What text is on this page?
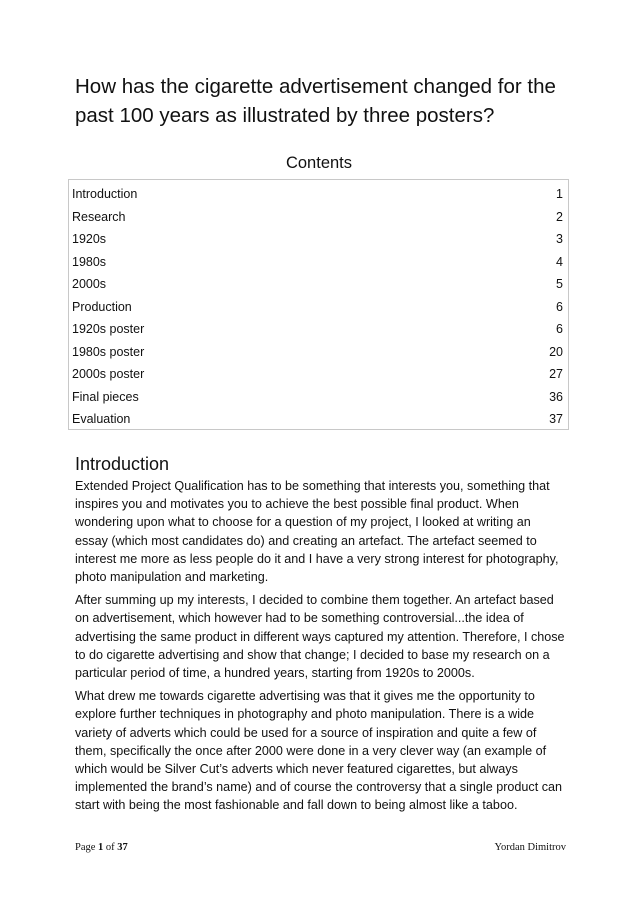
How has the cigarette advertisement changed for the past 100 years as illustrated by three posters?
Contents
Introduction	1
Research	2
1920s	3
1980s	4
2000s	5
Production	6
1920s poster	6
1980s poster	20
2000s poster	27
Final pieces	36
Evaluation	37
Introduction

Extended Project Qualification has to be something that interests you, something that inspires you and motivates you to achieve the best possible final product. When wondering upon what to choose for a question of my project, I looked at writing an essay (which most candidates do) and creating an artefact. The artefact seemed to interest me more as less people do it and I have a very strong interest for photography, photo manipulation and marketing.

After summing up my interests, I decided to combine them together. An artefact based on advertisement, which however had to be something controversial...the idea of advertising the same product in different ways captured my attention. Therefore, I chose to do cigarette advertising and show that change; I decided to base my research on a particular period of time, a hundred years, starting from 1920s to 2000s.

What drew me towards cigarette advertising was that it gives me the opportunity to explore further techniques in photography and photo manipulation. There is a wide variety of adverts which could be used for a source of inspiration and quite a few of them, specifically the once after 2000 were done in a very clever way (an example of which would be Silver Cut’s adverts which never featured cigarettes, but always implemented the brand’s name) and of course the controversy that a single product can start with being the most fashionable and fall down to being almost like a taboo.

Page 1 of 37	Yordan Dimitrov
